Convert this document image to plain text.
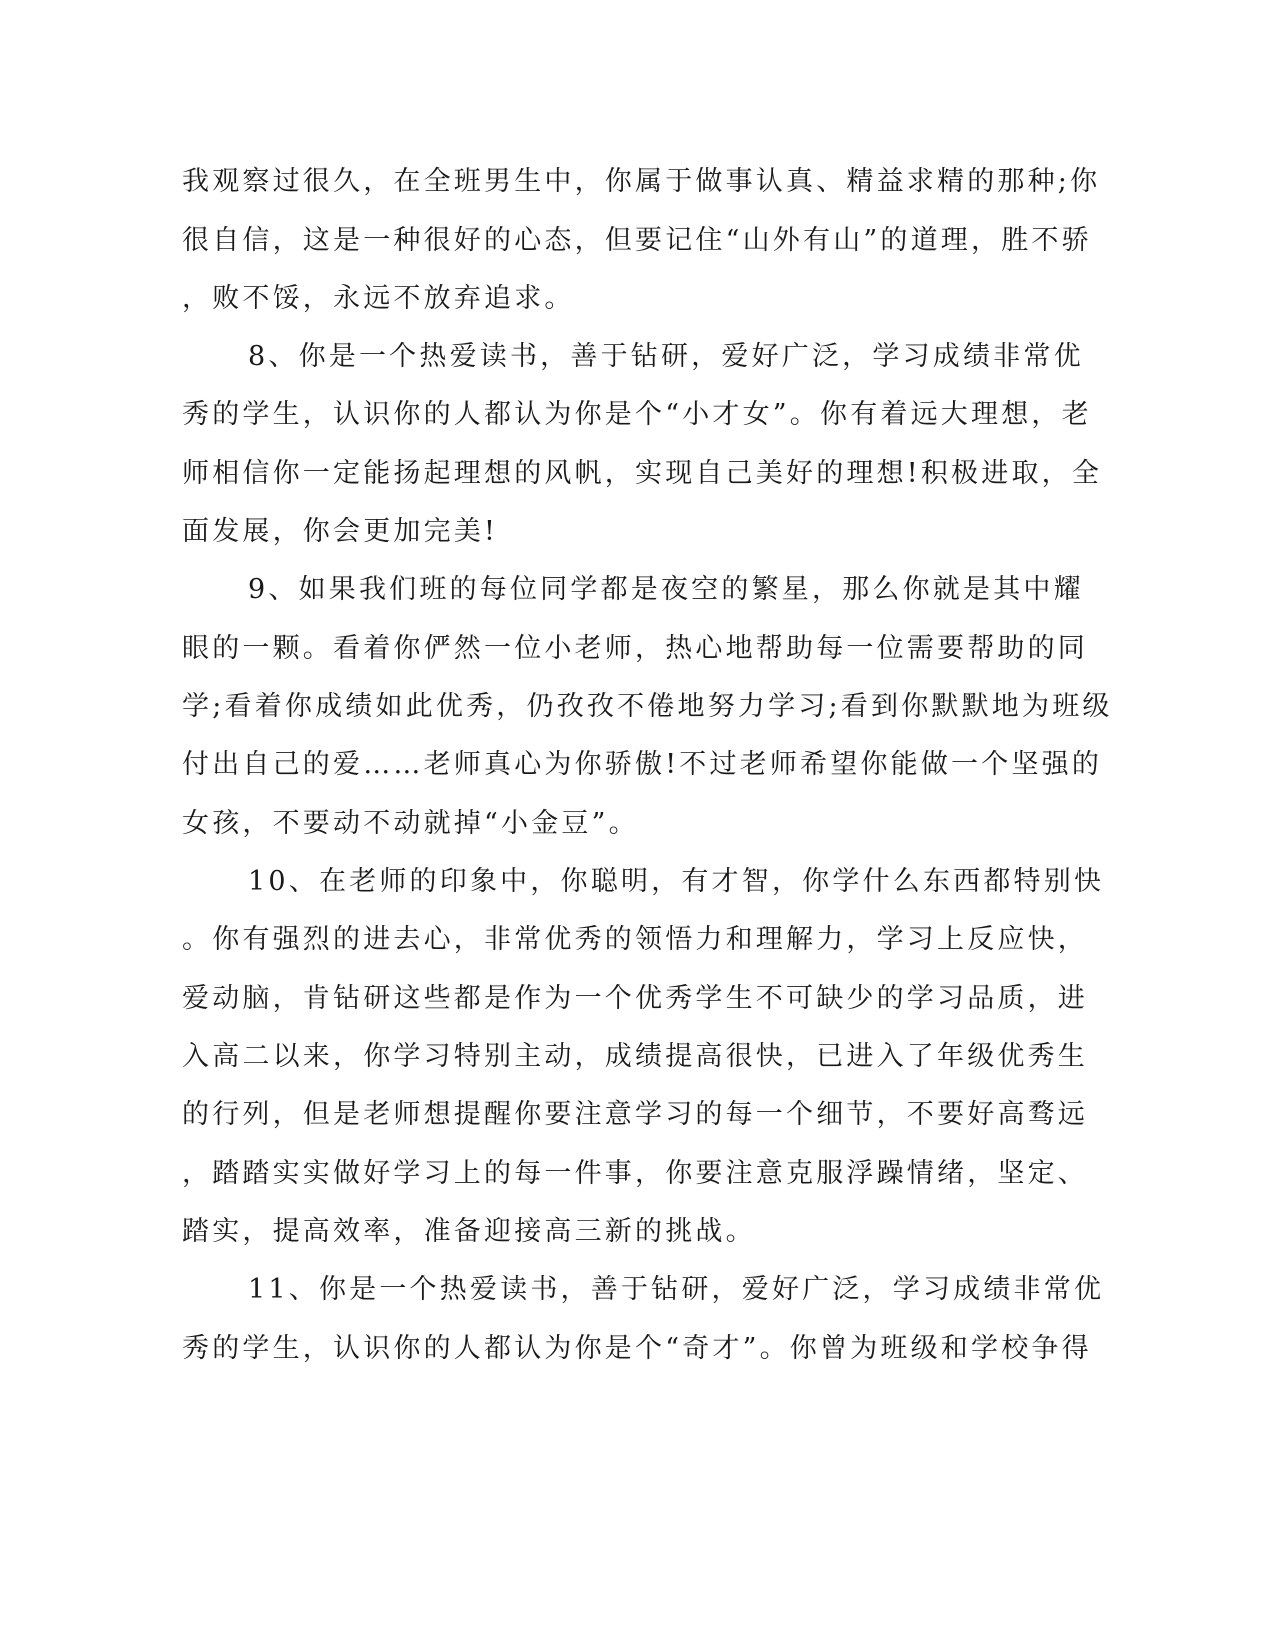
我观察过很久，在全班男生中，你属于做事认真、精益求精的那种;你
很自信，这是一种很好的心态，但要记住“山外有山”的道理，胜不骄
，败不馁，永远不放弃追求。
8、你是一个热爱读书，善于钻研，爱好广泛，学习成绩非常优
秀的学生，认识你的人都认为你是个“小才女”。你有着远大理想，老
师相信你一定能扬起理想的风帆，实现自己美好的理想!积极进取，全
面发展，你会更加完美!
9、如果我们班的每位同学都是夜空的繁星，那么你就是其中耀
眼的一颗。看着你俨然一位小老师，热心地帮助每一位需要帮助的同
学;看着你成绩如此优秀，仍孜孜不倦地努力学习;看到你默默地为班级
付出自己的爱……老师真心为你骄傲!不过老师希望你能做一个坚强的
女孩，不要动不动就掉“小金豆”。
10、在老师的印象中，你聪明，有才智，你学什么东西都特别快
。你有强烈的进去心，非常优秀的领悟力和理解力，学习上反应快，
爱动脑，肯钻研这些都是作为一个优秀学生不可缺少的学习品质，进
入高二以来，你学习特别主动，成绩提高很快，已进入了年级优秀生
的行列，但是老师想提醒你要注意学习的每一个细节，不要好高骛远
，踏踏实实做好学习上的每一件事，你要注意克服浮躁情绪，坚定、
踏实，提高效率，准备迎接高三新的挑战。
11、你是一个热爱读书，善于钻研，爱好广泛，学习成绩非常优
秀的学生，认识你的人都认为你是个“奇才”。你曾为班级和学校争得
